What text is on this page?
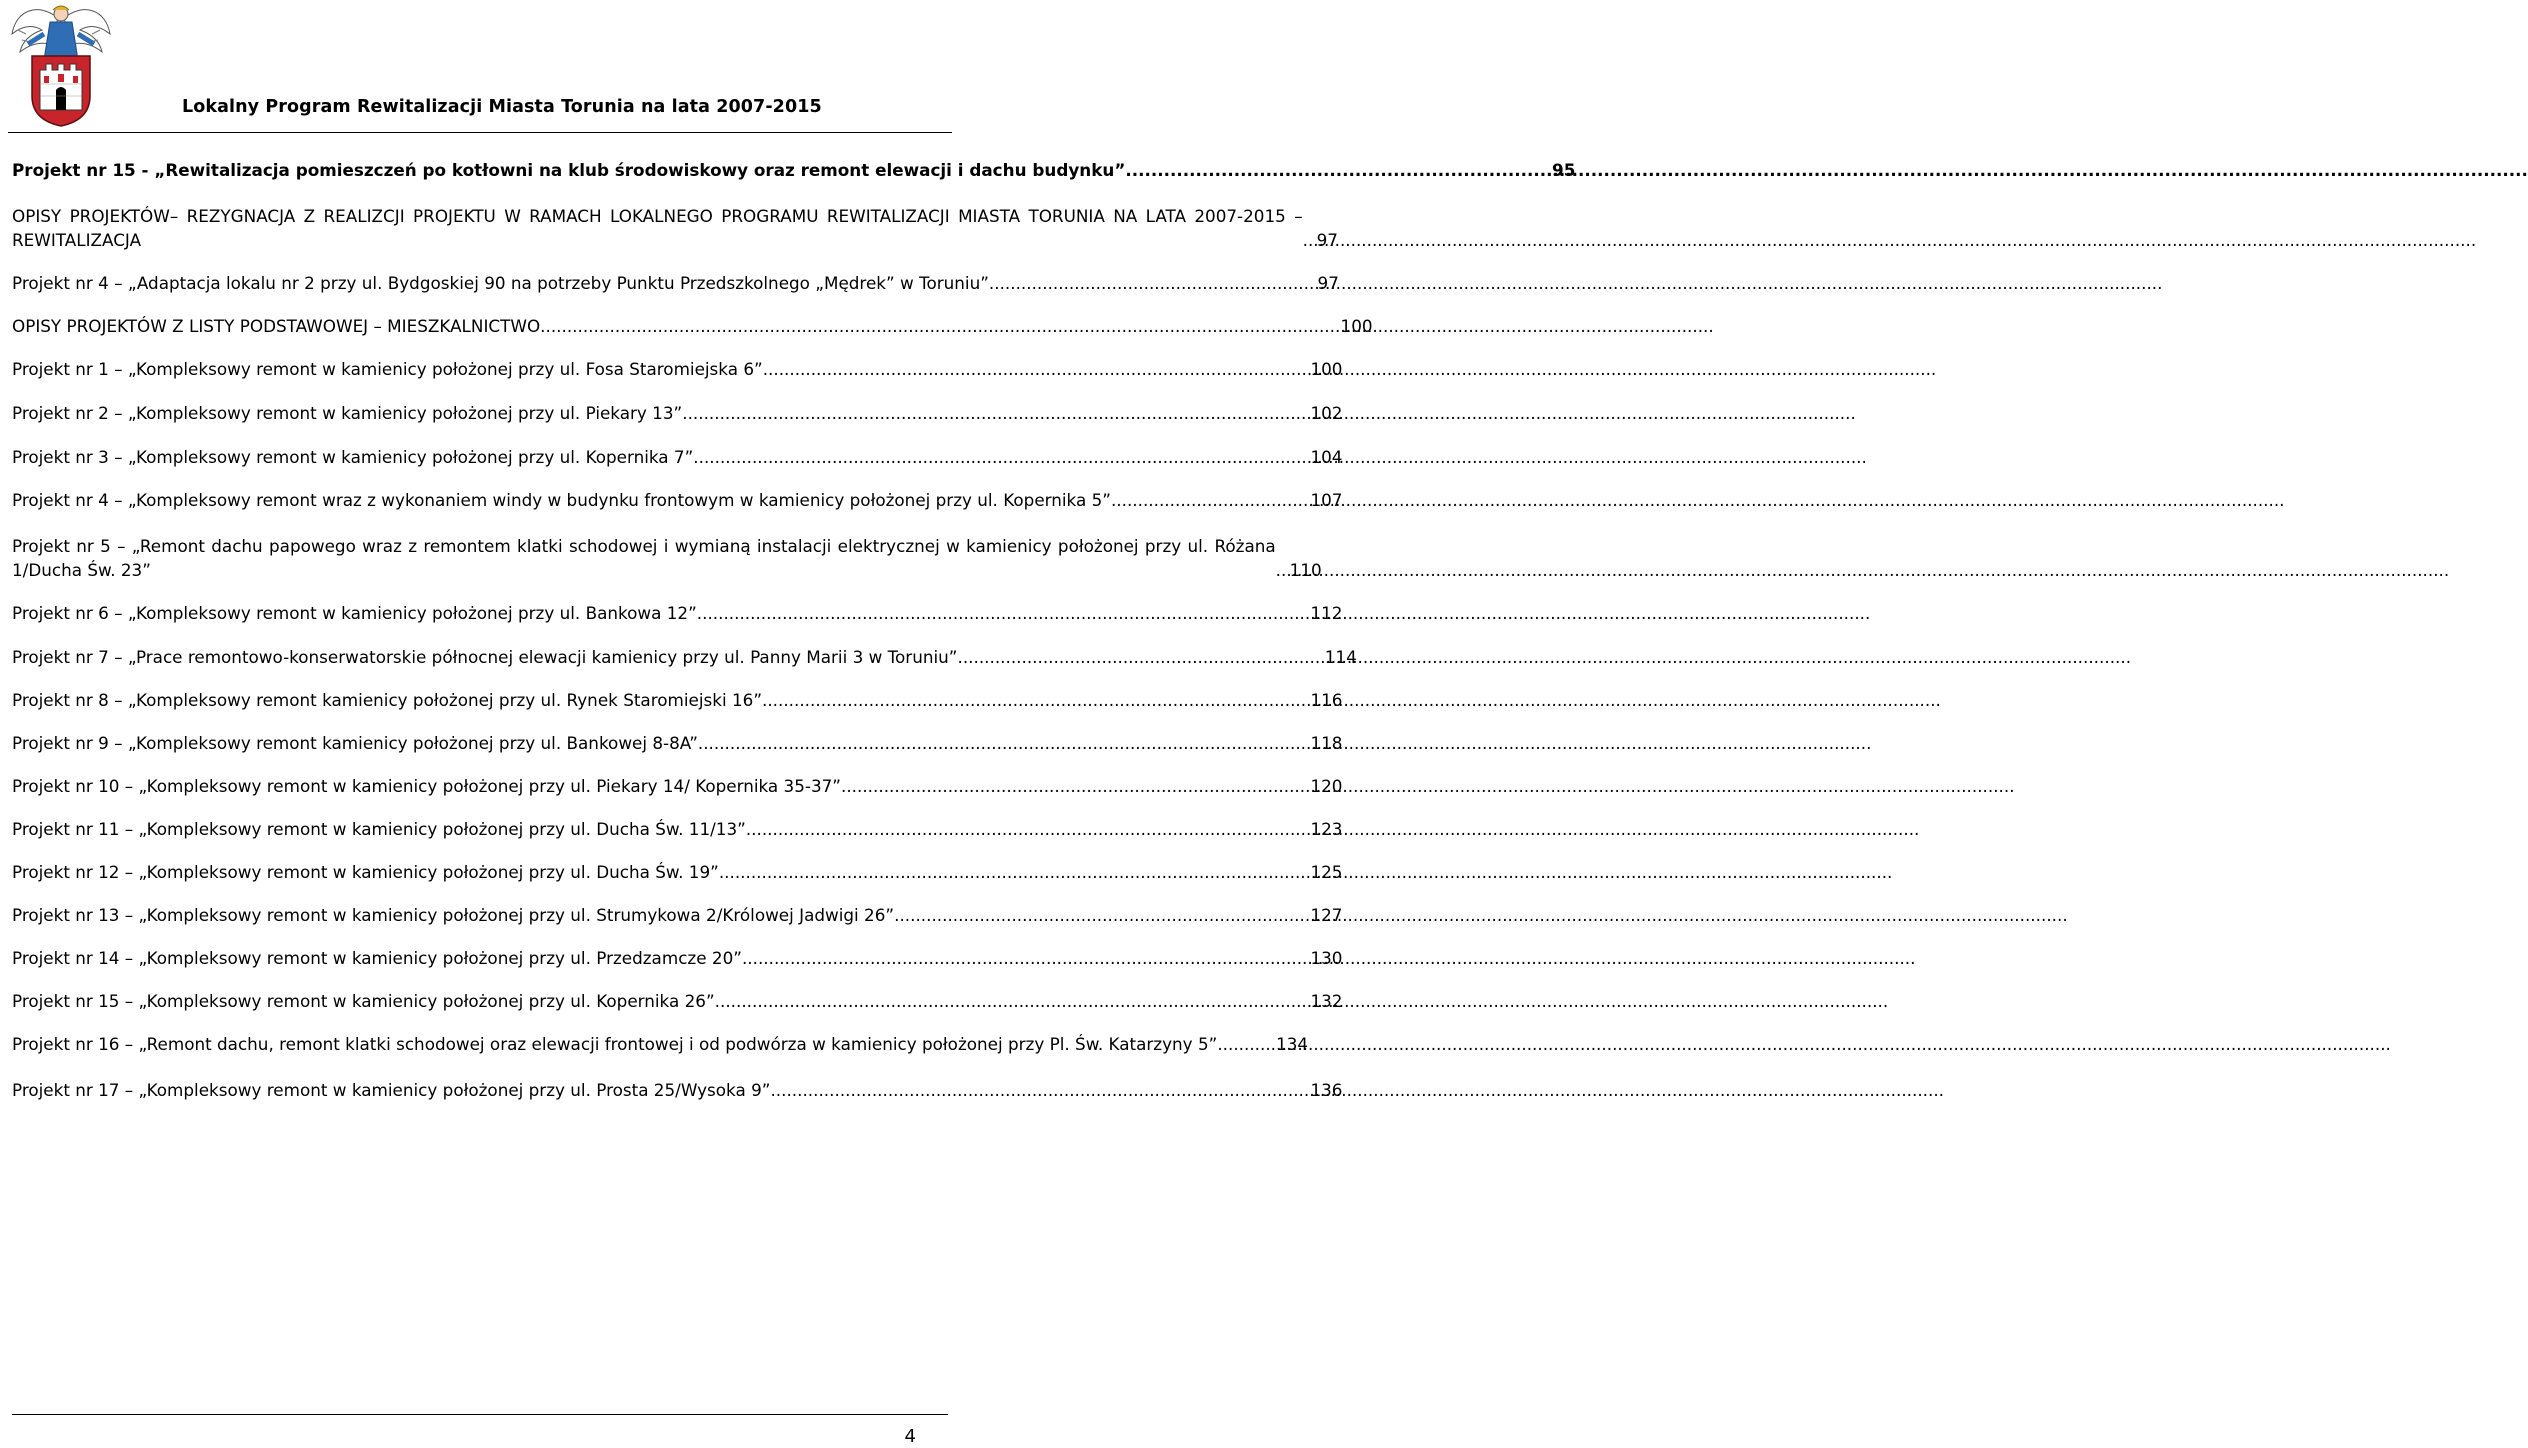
Lokalny Program Rewitalizacji Miasta Torunia na lata 2007-2015
Projekt nr 15 - „Rewitalizacja pomieszczeń po kotłowni na klub środowiskowy oraz remont elewacji i dachu budynku” .....	95
OPISY PROJEKTÓW– REZYGNACJA Z REALIZCJI PROJEKTU W RAMACH LOKALNEGO PROGRAMU REWITALIZACJI MIASTA TORUNIA NA LATA 2007-2015 – REWITALIZACJA .....	97
Projekt nr 4 – „Adaptacja lokalu nr 2 przy ul. Bydgoskiej 90 na potrzeby Punktu Przedszkolnego „Mędrek” w Toruniu” .....	97
OPISY PROJEKTÓW Z LISTY PODSTAWOWEJ – MIESZKALNICTWO .....	100
Projekt nr 1 – „Kompleksowy remont w kamienicy położonej przy ul. Fosa Staromiejska 6” .....	100
Projekt nr 2 – „Kompleksowy remont w kamienicy położonej przy ul. Piekary 13” .....	102
Projekt nr 3 – „Kompleksowy remont w kamienicy położonej przy ul. Kopernika 7” .....	104
Projekt nr 4 – „Kompleksowy remont wraz z wykonaniem windy w budynku frontowym w kamienicy położonej przy ul. Kopernika 5” .....	107
Projekt nr 5 – „Remont dachu papowego wraz z remontem klatki schodowej i wymianą instalacji elektrycznej w kamienicy położonej przy ul. Różana 1/Ducha Św. 23” .....	110
Projekt nr 6 – „Kompleksowy remont w kamienicy położonej przy ul. Bankowa 12” .....	112
Projekt nr 7 – „Prace remontowo-konserwatorskie północnej elewacji kamienicy przy ul. Panny Marii 3 w Toruniu” .....	114
Projekt nr 8 – „Kompleksowy remont kamienicy położonej przy ul. Rynek Staromiejski 16”. .....	116
Projekt nr 9 – „Kompleksowy remont kamienicy położonej przy ul. Bankowej 8-8A” .....	118
Projekt nr 10 – „Kompleksowy remont w kamienicy położonej przy ul. Piekary 14/ Kopernika 35-37” .....	120
Projekt nr 11 – „Kompleksowy remont w kamienicy położonej przy ul. Ducha Św. 11/13” .....	123
Projekt nr 12 – „Kompleksowy remont w kamienicy położonej przy ul. Ducha Św. 19” .....	125
Projekt nr 13 – „Kompleksowy remont w kamienicy położonej przy ul. Strumykowa 2/Królowej Jadwigi 26” .....	127
Projekt nr 14 – „Kompleksowy remont w kamienicy położonej przy ul. Przedzamcze 20” .....	130
Projekt nr 15 – „Kompleksowy remont w kamienicy położonej przy ul. Kopernika 26” .....	132
Projekt nr 16 – „Remont dachu, remont klatki schodowej oraz elewacji frontowej i od podwórza w kamienicy położonej przy Pl. Św. Katarzyny 5” .....	134
Projekt nr 17 – „Kompleksowy remont w kamienicy położonej przy ul. Prosta 25/Wysoka 9” .....	136
4
